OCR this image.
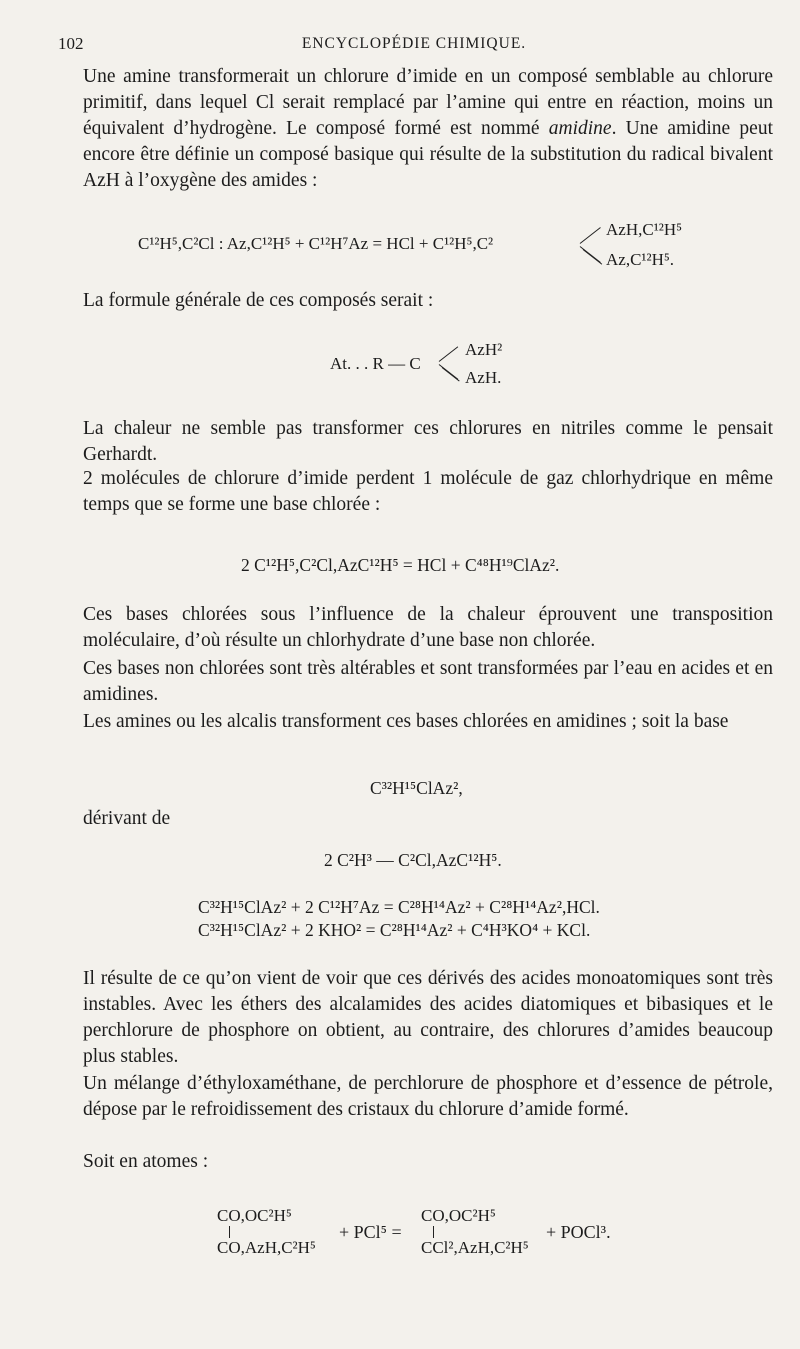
102	ENCYCLOPÉDIE CHIMIQUE.

Une amine transformerait un chlorure d’imide en un composé semblable au chlorure primitif, dans lequel Cl serait remplacé par l’amine qui entre en réaction, moins un équivalent d’hydrogène. Le composé formé est nommé amidine. Une amidine peut encore être définie un composé basique qui résulte de la substitution du radical bivalent AzH à l’oxygène des amides :

C¹²H⁵,C²Cl : Az,C¹²H⁵ + C¹²H⁷Az = HCl + C¹²H⁵,C²
AzH,C¹²H⁵
Az,C¹²H⁵.

La formule générale de ces composés serait :

At. . . R — C
AzH²
AzH.

La chaleur ne semble pas transformer ces chlorures en nitriles comme le pensait Gerhardt.

2 molécules de chlorure d’imide perdent 1 molécule de gaz chlorhydrique en même temps que se forme une base chlorée :

2 C¹²H⁵,C²Cl,AzC¹²H⁵ = HCl + C⁴⁸H¹⁹ClAz².

Ces bases chlorées sous l’influence de la chaleur éprouvent une transposition moléculaire, d’où résulte un chlorhydrate d’une base non chlorée.

Ces bases non chlorées sont très altérables et sont transformées par l’eau en acides et en amidines.

Les amines ou les alcalis transforment ces bases chlorées en amidines ; soit la base

C³²H¹⁵ClAz²,

dérivant de

2 C²H³ — C²Cl,AzC¹²H⁵.
C³²H¹⁵ClAz² + 2 C¹²H⁷Az = C²⁸H¹⁴Az² + C²⁸H¹⁴Az²,HCl.
C³²H¹⁵ClAz² + 2 KHO² = C²⁸H¹⁴Az² + C⁴H³KO⁴ + KCl.

Il résulte de ce qu’on vient de voir que ces dérivés des acides monoatomiques sont très instables. Avec les éthers des alcalamides des acides diatomiques et bibasiques et le perchlorure de phosphore on obtient, au contraire, des chlorures d’amides beaucoup plus stables.

Un mélange d’éthyloxaméthane, de perchlorure de phosphore et d’essence de pétrole, dépose par le refroidissement des cristaux du chlorure d’amide formé.

Soit en atomes :

CO,OC²H⁵
CO,AzH,C²H⁵
+ PCl⁵ =
CO,OC²H⁵
CCl²,AzH,C²H⁵
+ POCl³.
